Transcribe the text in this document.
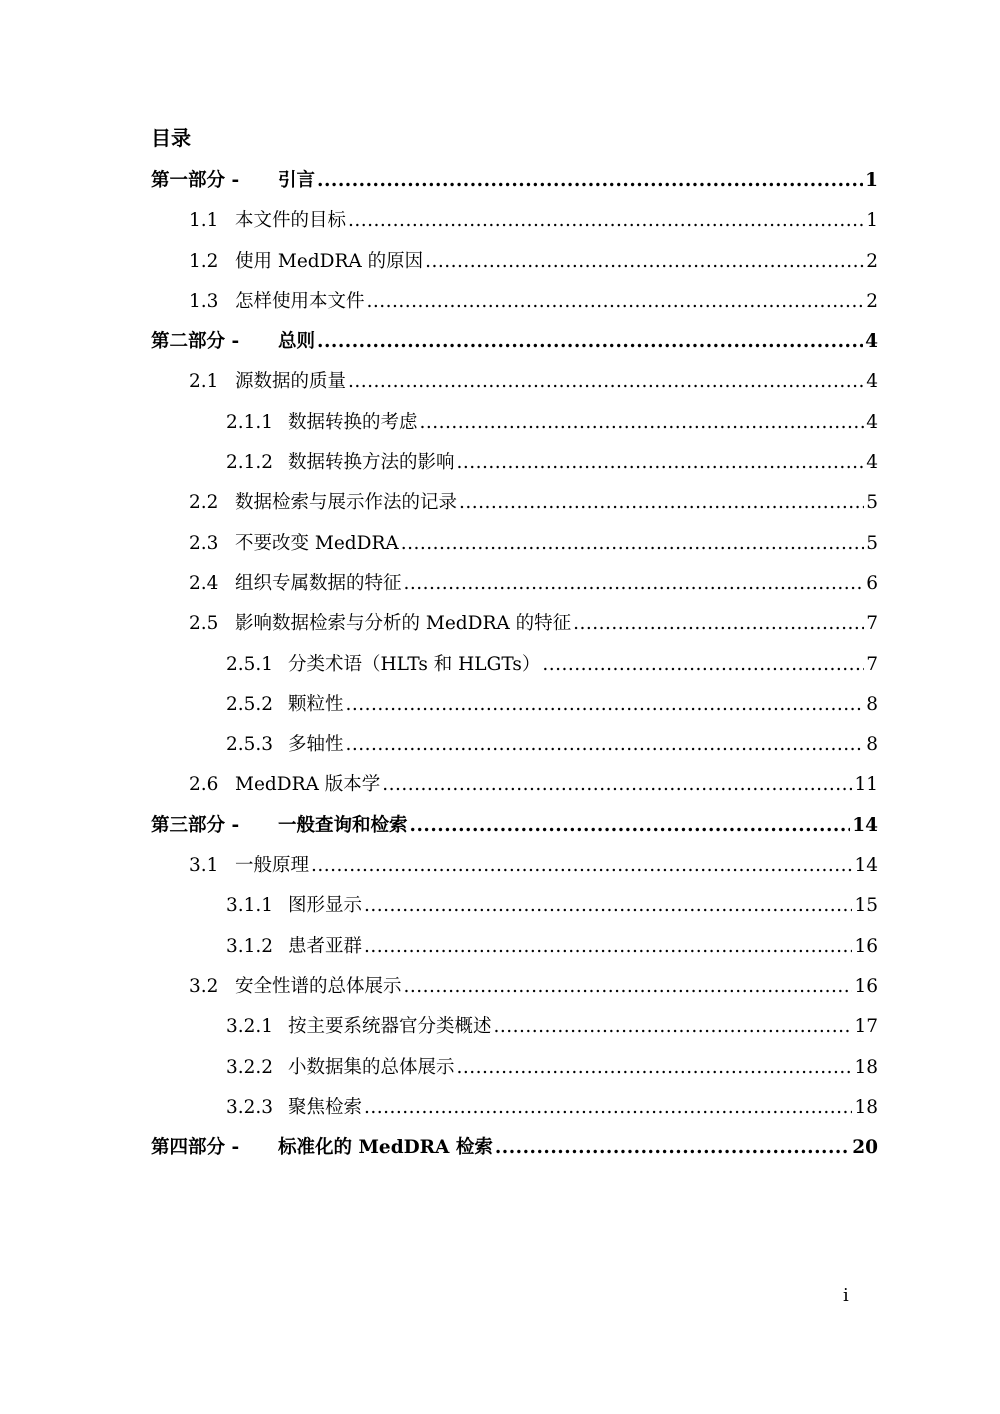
目录
第一部分 -	引言 .....	1
1.1 本文件的目标 .....	1
1.2 使用 MedDRA 的原因 .....	2
1.3 怎样使用本文件 .....	2
第二部分 -	总则 .....	4
2.1 源数据的质量 .....	4
2.1.1 数据转换的考虑 .....	4
2.1.2 数据转换方法的影响 .....	4
2.2 数据检索与展示作法的记录 .....	5
2.3 不要改变 MedDRA .....	5
2.4 组织专属数据的特征 .....	6
2.5 影响数据检索与分析的 MedDRA 的特征 .....	7
2.5.1 分类术语（HLTs 和 HLGTs） .....	7
2.5.2 颗粒性 .....	8
2.5.3 多轴性 .....	8
2.6 MedDRA 版本学 .....	11
第三部分 -	一般查询和检索 .....	14
3.1 一般原理 .....	14
3.1.1 图形显示 .....	15
3.1.2 患者亚群 .....	16
3.2 安全性谱的总体展示 .....	16
3.2.1 按主要系统器官分类概述 .....	17
3.2.2 小数据集的总体展示 .....	18
3.2.3 聚焦检索 .....	18
第四部分 -	标准化的 MedDRA 检索 .....	20
i
